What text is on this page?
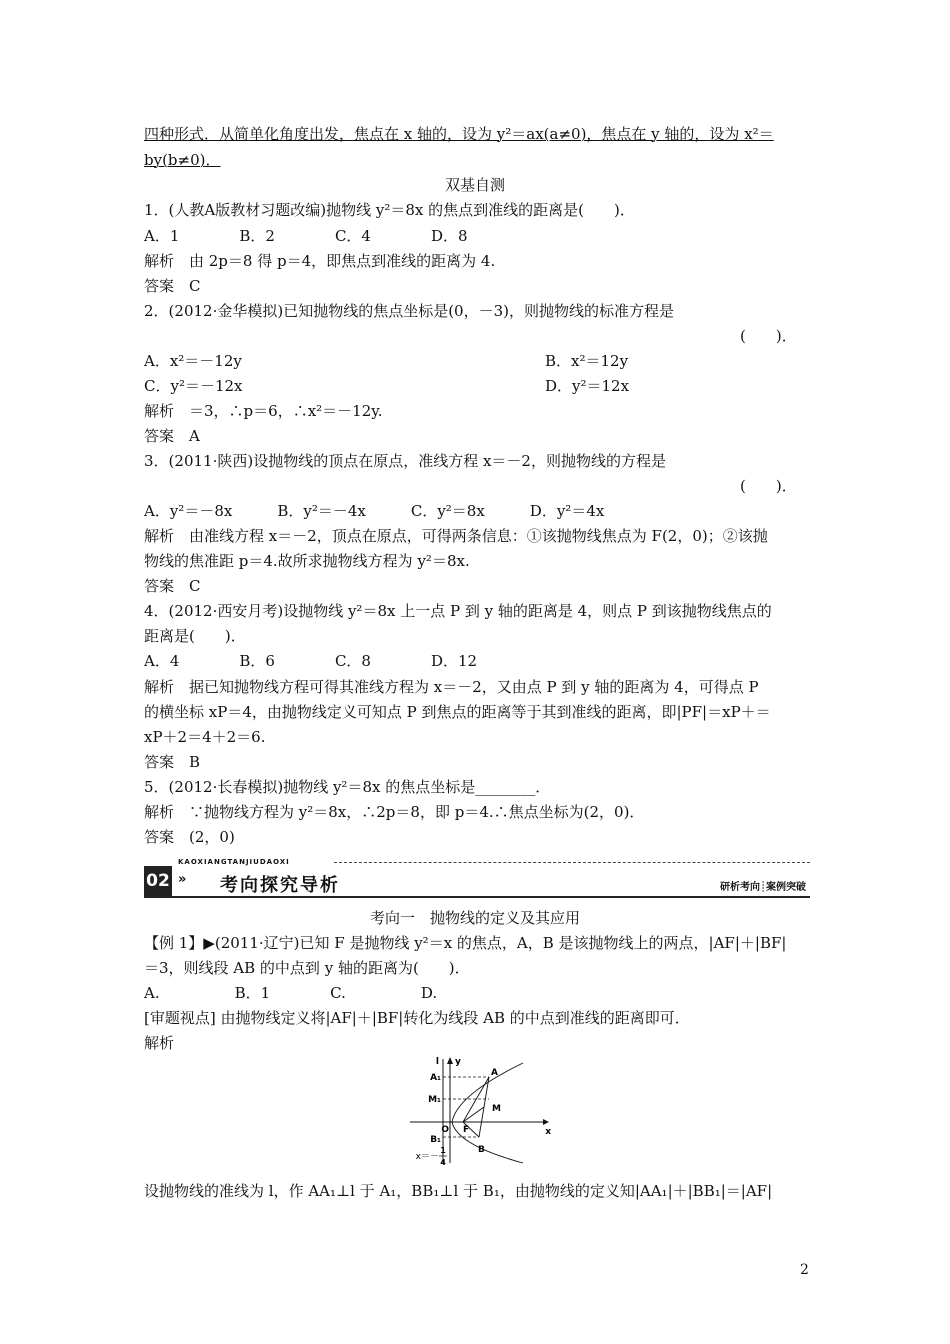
四种形式．从简单化角度出发，焦点在 x 轴的，设为 y²＝ax(a≠0)，焦点在 y 轴的，设为 x²＝
by(b≠0)．
双基自测
1．(人教A版教材习题改编)抛物线 y²＝8x 的焦点到准线的距离是(　　)．
A．1　　　　B．2　　　　C．4　　　　D．8
解析　由 2p＝8 得 p＝4，即焦点到准线的距离为 4.
答案　C
2．(2012·金华模拟)已知抛物线的焦点坐标是(0，－3)，则抛物线的标准方程是
(　　)．
A．x²＝－12y	B．x²＝12y
C．y²＝－12x	D．y²＝12x
解析　＝3，∴p＝6，∴x²＝－12y.
答案　A
3．(2011·陕西)设抛物线的顶点在原点，准线方程 x＝－2，则抛物线的方程是
(　　)．
A．y²＝－8x　　　B．y²＝－4x　　　C．y²＝8x　　　D．y²＝4x
解析　由准线方程 x＝－2，顶点在原点，可得两条信息：①该抛物线焦点为 F(2，0)；②该抛
物线的焦准距 p＝4.故所求抛物线方程为 y²＝8x.
答案　C
4．(2012·西安月考)设抛物线 y²＝8x 上一点 P 到 y 轴的距离是 4，则点 P 到该抛物线焦点的
距离是(　　)．
A．4　　　　B．6　　　　C．8　　　　D．12
解析　据已知抛物线方程可得其准线方程为 x＝－2，又由点 P 到 y 轴的距离为 4，可得点 P
的横坐标 xP＝4，由抛物线定义可知点 P 到焦点的距离等于其到准线的距离，即|PF|＝xP＋＝
xP＋2＝4＋2＝6.
答案　B
5．(2012·长春模拟)抛物线 y²＝8x 的焦点坐标是________．
解析　∵抛物线方程为 y²＝8x，∴2p＝8，即 p＝4.∴焦点坐标为(2，0)．
答案　(2，0)
02
KAOXIANGTANJIUDAOXI
» 考向探究导析	研析考向┊案例突破
考向一　抛物线的定义及其应用
【例 1】▶(2011·辽宁)已知 F 是抛物线 y²＝x 的焦点，A，B 是该抛物线上的两点，|AF|＋|BF|
＝3，则线段 AB 的中点到 y 轴的距离为(　　)．
A.　　　　　B．1　　　　C.　　　　　D.
[审题视点] 由抛物线定义将|AF|＋|BF|转化为线段 AB 的中点到准线的距离即可．
解析
l y
x
A₁	A
M₁
M
O F
B₁
B
x＝－
1
4
设抛物线的准线为 l，作 AA₁⊥l 于 A₁，BB₁⊥l 于 B₁，由抛物线的定义知|AA₁|＋|BB₁|＝|AF|
2
